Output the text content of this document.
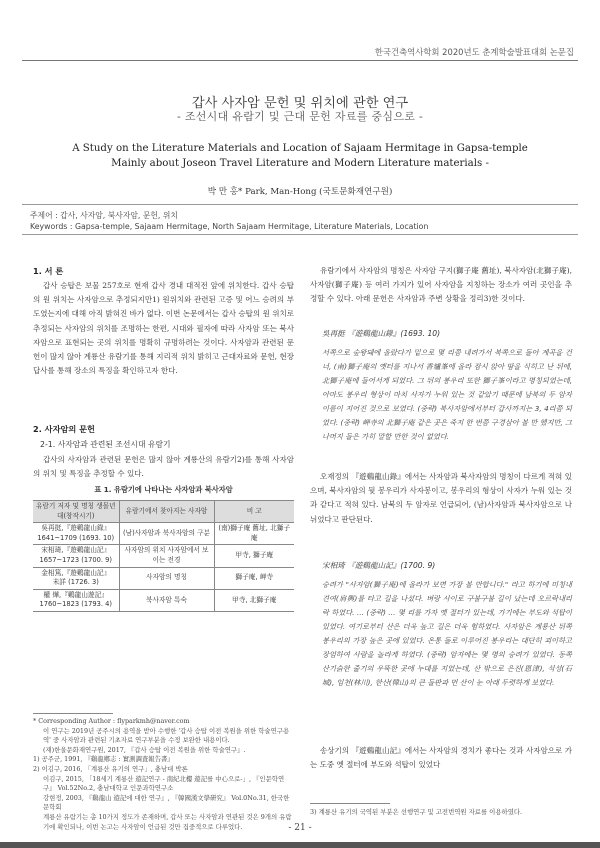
한국건축역사학회 2020년도 춘계학술발표대회 논문집
갑사 사자암 문헌 및 위치에 관한 연구
- 조선시대 유람기 및 근대 문헌 자료를 중심으로 -
A Study on the Literature Materials and Location of Sajaam Hermitage in Gapsa-temple
Mainly about Joseon Travel Literature and Modern Literature materials -
박 만 홍* Park, Man-Hong (국토문화재연구원)
주제어 : 갑사, 사자암, 북사자암, 문헌, 위치
Keywords : Gapsa-temple, Sajaam Hermitage, North Sajaam Hermitage, Literature Materials, Location
1. 서 론
갑사 승탑은 보물 257호로 현재 갑사 경내 대적전 앞에 위치한다. 갑사 승탑의 원 위치는 사자암으로 추정되지만1) 원위치와 관련된 고증 및 어느 승려의 부도였는지에 대해 아직 밝혀진 바가 없다. 이번 논문에서는 갑사 승탑의 원 위치로 추정되는 사자암의 위치를 조명하는 한편, 시대와 필자에 따라 사자암 또는 북사자암으로 표현되는 곳의 위치를 명확히 규명하려는 것이다. 사자암과 관련된 문헌이 많지 않아 계룡산 유람기를 통해 지리적 위치 밝히고 근대자료와 문헌, 현장답사를 통해 장소의 특징을 확인하고자 한다.
2. 사자암의 문헌
2-1. 사자암과 관련된 조선시대 유람기
갑사의 사자암과 관련된 문헌은 많지 않아 계룡산의 유람기2)를 통해 사자암의 위치 및 특징을 추정할 수 있다.
표 1. 유람기에 나타나는 사자암과 북사자암
유람기 저자 및 명칭 생몰년대(창작시기)	유람기에서 찾아지는 사자암	비 고

吳再挺,『遊鷄龍山錄』
1641~1709 (1693. 10)	(남)사자암과 북사자암의 구분	(南)獅子庵 舊址, 北獅子庵

宋相琦,『遊鷄龍山記』
1657~1723 (1700. 9)	사자암의 위치 사자암에서 보이는 전경	甲寺, 獅子庵

金相篤,『遊鷄龍山記』
未詳 (1726. 3)	사자암의 명칭	獅子庵, 岬寺

權 燁,『鷄龍山遊記』
1760~1823 (1793. 4)	북사자암 특숙	甲寺, 北獅子庵
* Corresponding Author : flyparkmh@naver.com
이 연구는 2019년 공주시의 용역을 받아 수행한 '갑사 승탑 이전 복원을 위한 학술연구용역' 중 사자암과 관련된 기초자료 연구부분을 수정 보완한 내용이다.
(재)한울문화재연구원, 2017, 『갑사 승탑 이전 복원을 위한 학술연구』.
1) 공주군, 1991, 『鷄龍鄕志 : 實測調査報告書』
2) 이김구, 2016, 「계룡산 유기의 연구」, 충남대 박론
이김구, 2015, 「18세기 계룡산 遊記연구 - 南紀北樓 遊記를 中心으로-」, 『인문학연구』 Vol.52No.2, 충남대학교 인문과학연구소
강현정, 2003, 『鷄龍山 遊記에 대한 연구』, 『韓國漢文學研究』 Vol.0No.31, 한국한문학회
계룡산 유람기는 총 10가지 정도가 존재하며, 갑사 또는 사자암과 연관된 것은 9개의 유람기에 확인되나, 이번 논고는 사자암이 언급된 것만 집중적으로 다루었다.
유람기에서 사자암의 명칭은 사자암 구지(獅子庵 舊址), 북사자암(北獅子庵), 사자암(獅子庵) 등 여러 가지가 있어 사자암을 지칭하는 장소가 여러 곳인을 추정할 수 있다. 아래 문헌은 사자암과 주변 상황을 정리3)한 것이다.
吳再挺 『遊鷄龍山錄』(1693. 10)
서쪽으로 숲왕돼에 올랐다가 밑으로 몇 리쯤 내려가서 북쪽으로 돌아 계곡을 건너, (南)獅子庵의 옛터를 지나서 香爐峯에 올라 잠시 앉아 땀을 식히고 난 뒤에, 北獅子庵에 들어서게 되었다. 그 뒤의 봉우리 또한 獅子峯이라고 명칭되었는데, 아마도 봉우리 형상이 마치 사자가 누워 있는 것 같았기 때문에 남북의 두 암자 이름이 지어진 것으로 보였다. (중략) 북사자암에서부터 갑사까지는 3, 4리쯤 되었다. (중략) 岬寺의 北獅子庵 같은 곳은 죽지 한 번쯤 구경삼아 볼 만 했지만, 그 나머지 들은 가히 말할 만한 것이 없었다.
오재정의 『遊鷄龍山錄』에서는 사자암과 북사자암의 명칭이 다르게 적혀 있으며, 북사자암의 뒷 봉우리가 사자봉이고, 봉우리의 형상이 사자가 누워 있는 것과 같다고 적혀 있다. 남북의 두 암자로 언급되어, (남)사자암과 북사자암으로 나뉘었다고 판단된다.
宋相琦 『遊鷄龍山記』(1700. 9)
승려가 "사자암(獅子庵)에 올라가 보면 가장 볼 만합니다." 라고 하기에 미칭내 견여(肩輿)를 타고 길을 나섰다. 벼랑 사이로 구불구불 길이 났는데 오르락내리락 하였다. … (중략) … 몇 리를 가자 옛 절터가 있는데, 가기에는 부도와 석탑이 있었다. 여기로부터 산은 더욱 높고 길은 더욱 험하였다. 사자암은 계룡산 뒤쪽 봉우리의 가장 높은 곳에 있었다. 온통 돌로 이루어진 봉우리는 대단히 괴이하고 장엄하여 사람을 놀라게 하였다. (중략) 암자에는 몇 명의 승려가 있었다. 동쪽 산기슭한 줄기의 우뚝한 곳에 누대를 지었는데, 산 밖으로 은진(恩津), 석성(石城), 임천(林川), 한산(韓山)의 큰 들판과 먼 산이 눈 아래 두렷하게 보였다.
송상기의 『遊鷄龍山記』에서는 사자암의 경치가 좋다는 것과 사자암으로 가는 도중 옛 절터에 부도와 석탑이 있었다
3) 계룡산 유기의 국역된 부분은 선행연구 및 고전번역원 자료를 이용하였다.
- 21 -
